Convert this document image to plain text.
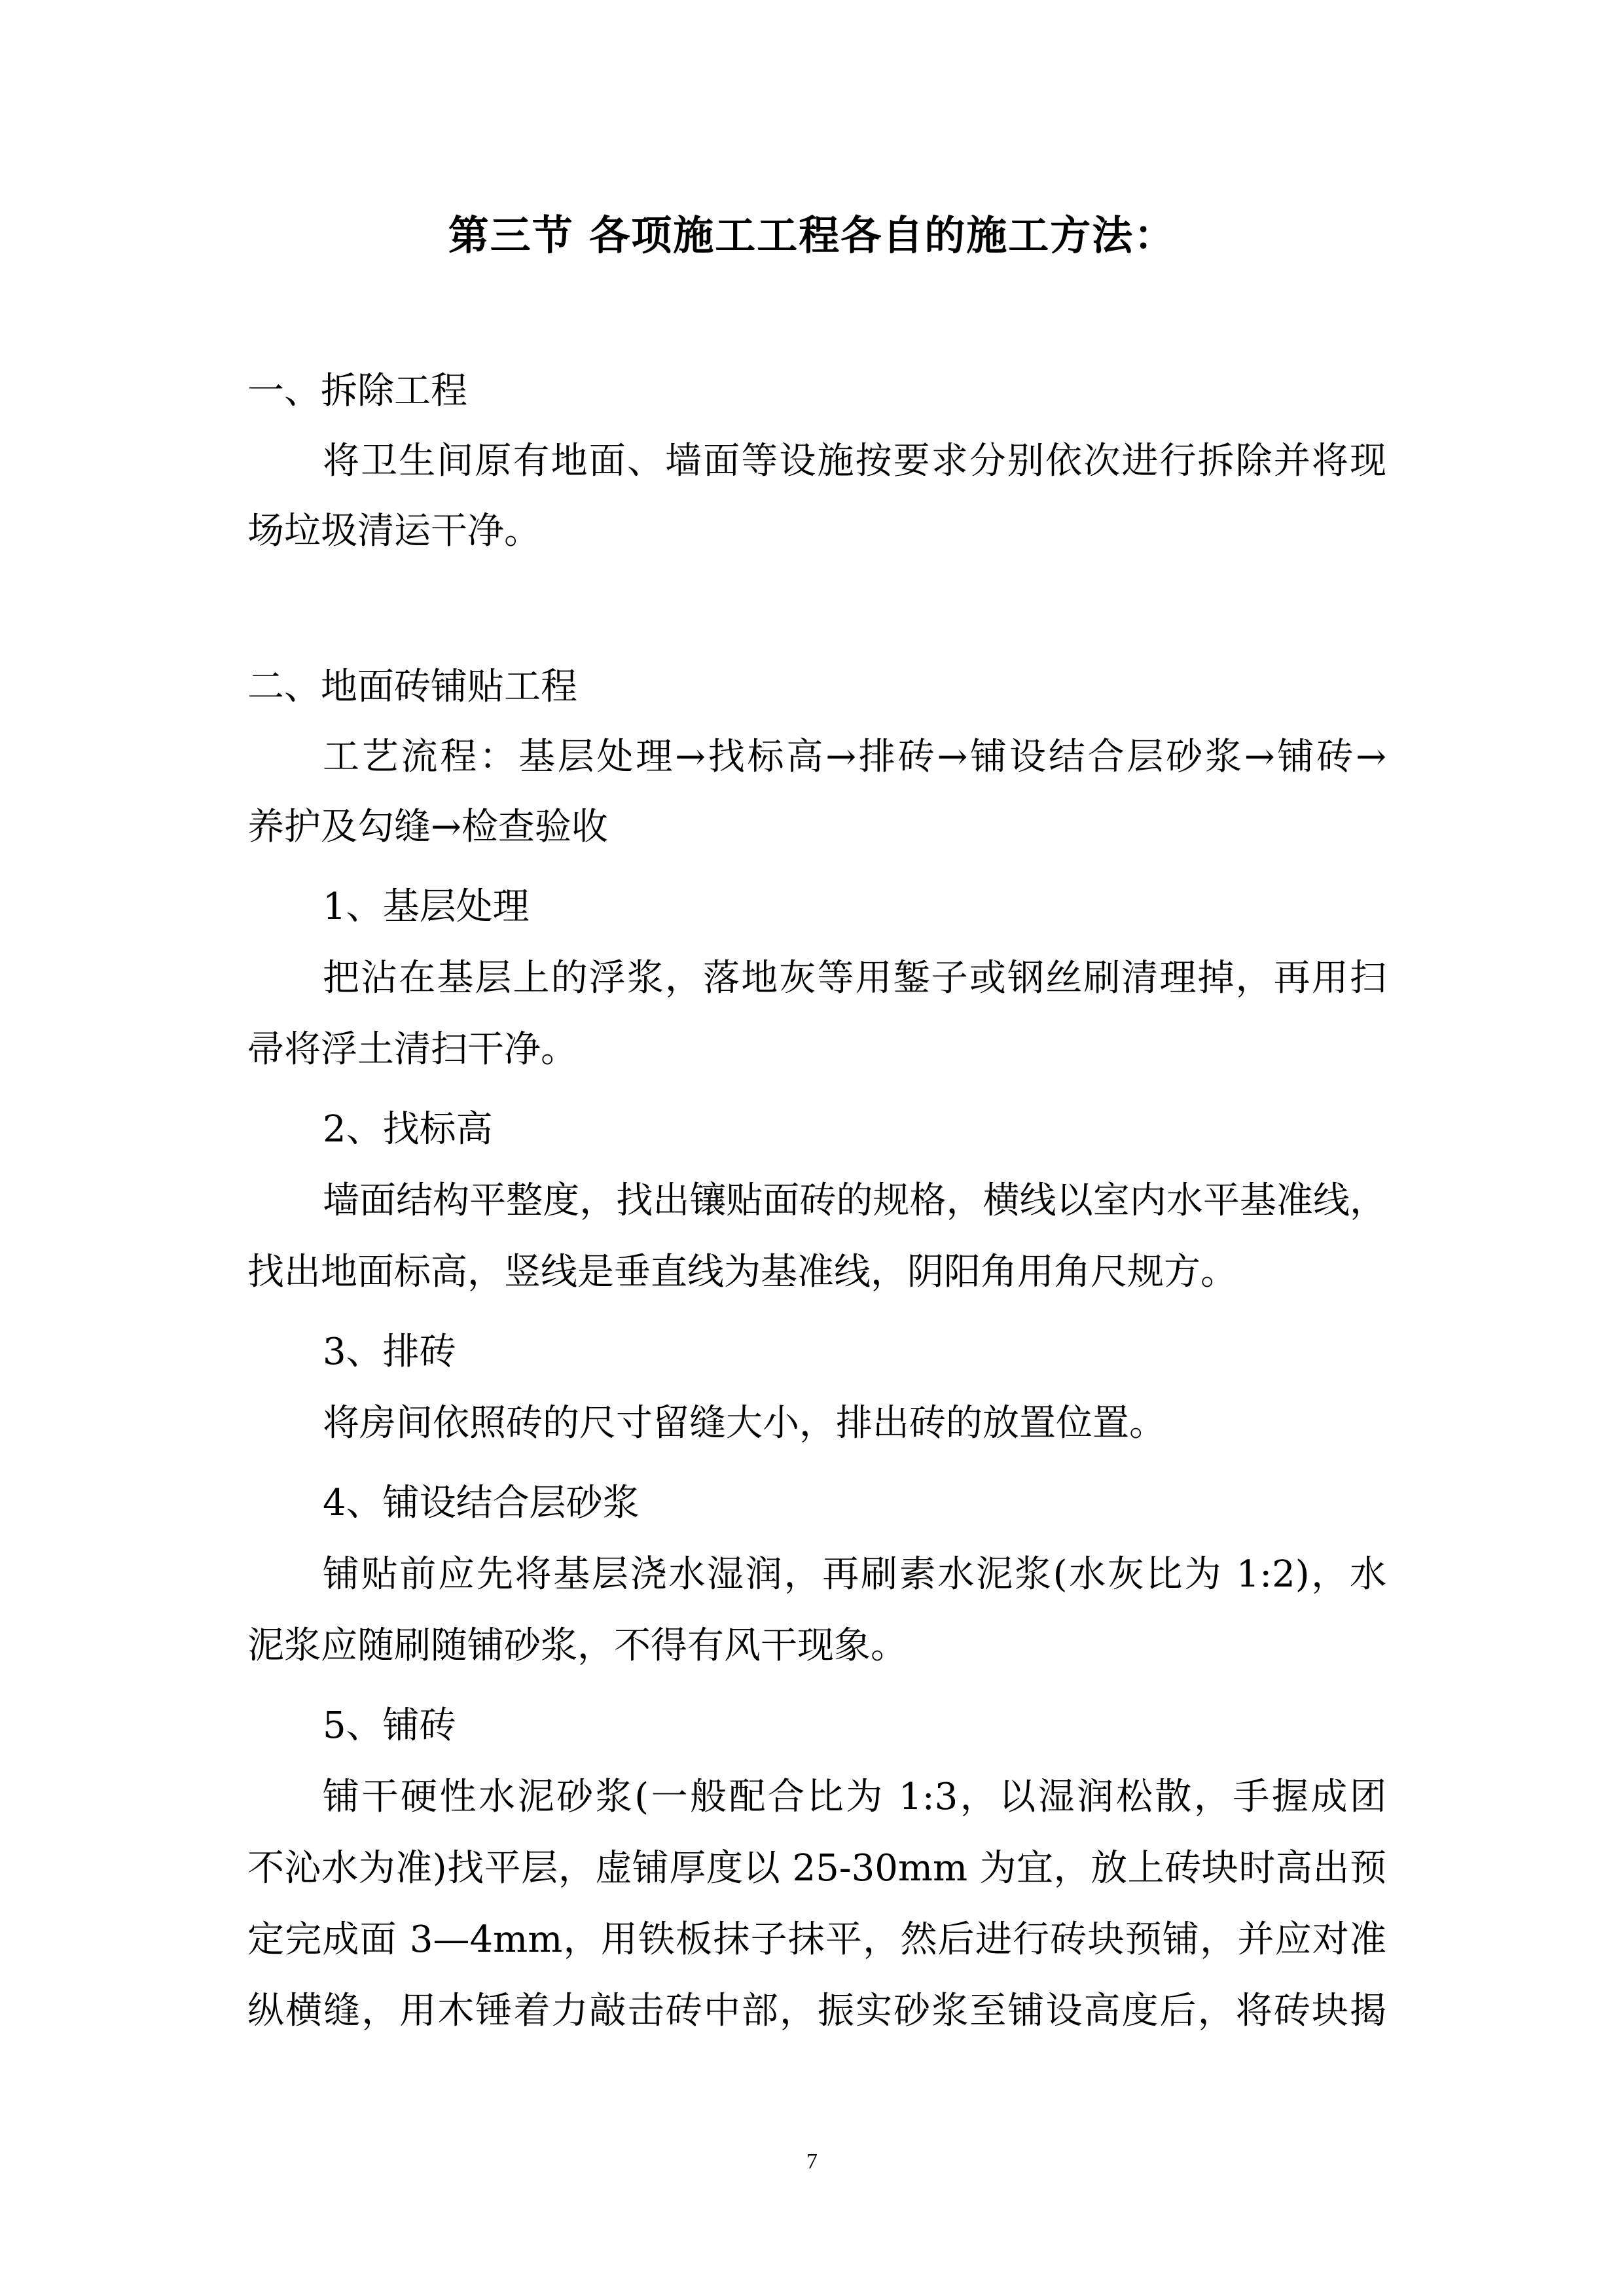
第三节 各项施工工程各自的施工方法：
一、拆除工程
将卫生间原有地面、墙面等设施按要求分别依次进行拆除并将现
场垃圾清运干净。
二、地面砖铺贴工程
工艺流程：基层处理→找标高→排砖→铺设结合层砂浆→铺砖→
养护及勾缝→检查验收
1、基层处理
把沾在基层上的浮浆，落地灰等用錾子或钢丝刷清理掉，再用扫
帚将浮土清扫干净。
2、找标高
墙面结构平整度，找出镶贴面砖的规格，横线以室内水平基准线，
找出地面标高，竖线是垂直线为基准线，阴阳角用角尺规方。
3、排砖
将房间依照砖的尺寸留缝大小，排出砖的放置位置。
4、铺设结合层砂浆
铺贴前应先将基层浇水湿润，再刷素水泥浆(水灰比为 1:2)，水
泥浆应随刷随铺砂浆，不得有风干现象。
5、铺砖
铺干硬性水泥砂浆(一般配合比为 1:3，以湿润松散，手握成团
不沁水为准)找平层，虚铺厚度以 25-30mm 为宜，放上砖块时高出预
定完成面 3—4mm，用铁板抹子抹平，然后进行砖块预铺，并应对准
纵横缝，用木锤着力敲击砖中部，振实砂浆至铺设高度后，将砖块揭
7
